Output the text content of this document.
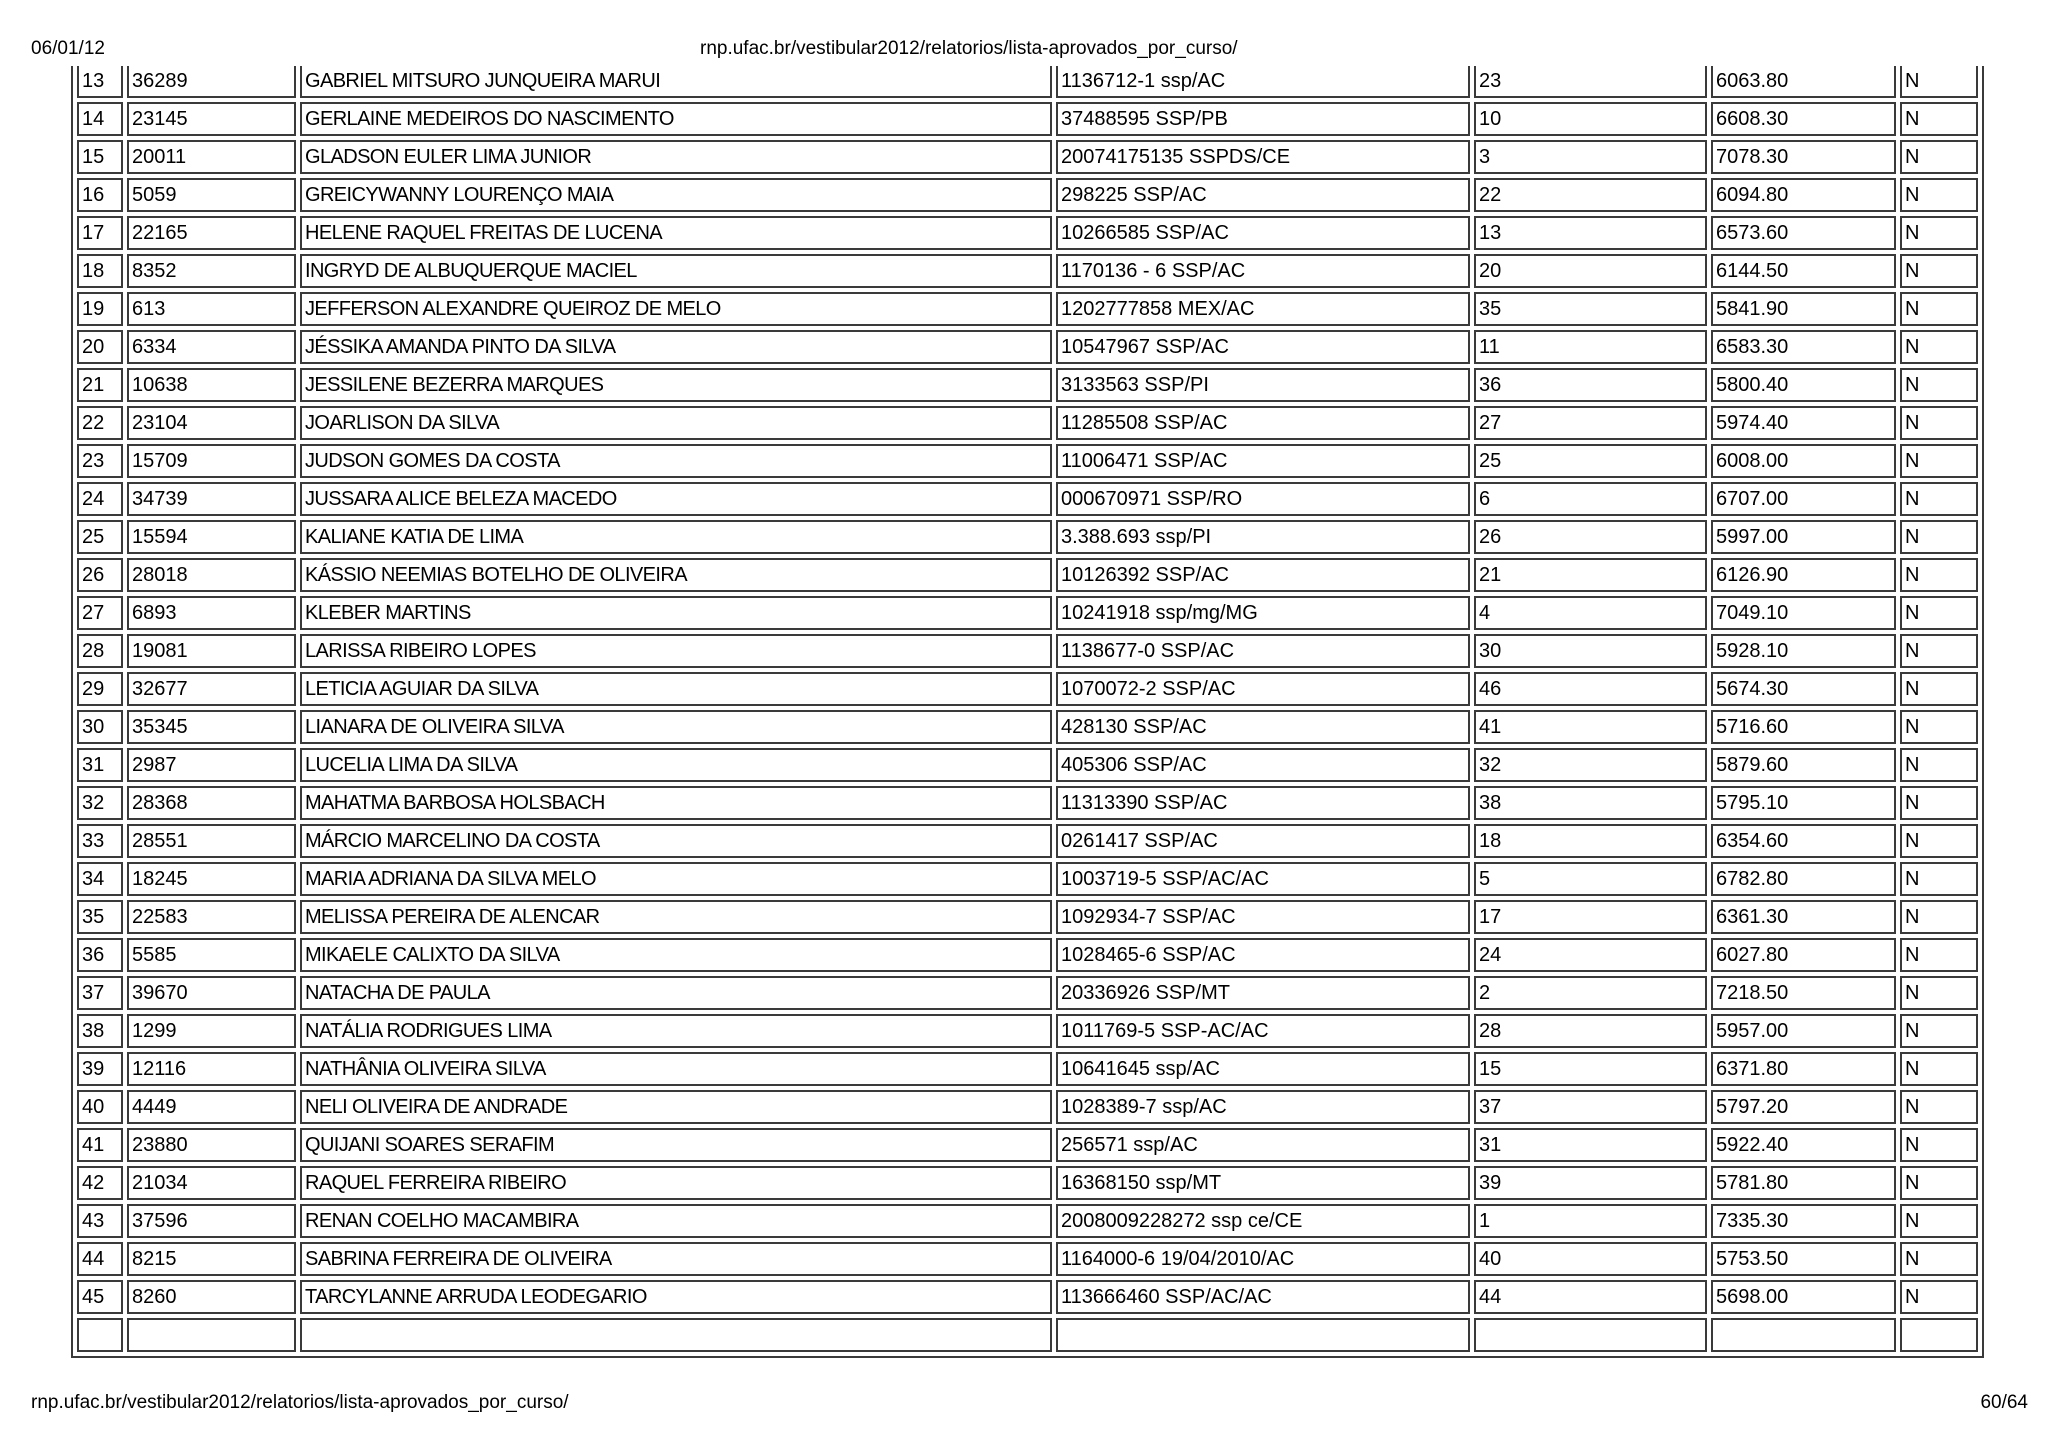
06/01/12	rnp.ufac.br/vestibular2012/relatorios/lista-aprovados_por_curso/
13	36289	GABRIEL MITSURO JUNQUEIRA MARUI	1136712-1 ssp/AC	23	6063.80	N
14	23145	GERLAINE MEDEIROS DO NASCIMENTO	37488595 SSP/PB	10	6608.30	N
15	20011	GLADSON EULER LIMA JUNIOR	20074175135 SSPDS/CE	3	7078.30	N
16	5059	GREICYWANNY LOURENÇO MAIA	298225 SSP/AC	22	6094.80	N
17	22165	HELENE RAQUEL FREITAS DE LUCENA	10266585 SSP/AC	13	6573.60	N
18	8352	INGRYD DE ALBUQUERQUE MACIEL	1170136 - 6 SSP/AC	20	6144.50	N
19	613	JEFFERSON ALEXANDRE QUEIROZ DE MELO	1202777858 MEX/AC	35	5841.90	N
20	6334	JÉSSIKA AMANDA PINTO DA SILVA	10547967 SSP/AC	11	6583.30	N
21	10638	JESSILENE BEZERRA MARQUES	3133563 SSP/PI	36	5800.40	N
22	23104	JOARLISON DA SILVA	11285508 SSP/AC	27	5974.40	N
23	15709	JUDSON GOMES DA COSTA	11006471 SSP/AC	25	6008.00	N
24	34739	JUSSARA ALICE BELEZA MACEDO	000670971 SSP/RO	6	6707.00	N
25	15594	KALIANE KATIA DE LIMA	3.388.693 ssp/PI	26	5997.00	N
26	28018	KÁSSIO NEEMIAS BOTELHO DE OLIVEIRA	10126392 SSP/AC	21	6126.90	N
27	6893	KLEBER MARTINS	10241918 ssp/mg/MG	4	7049.10	N
28	19081	LARISSA RIBEIRO LOPES	1138677-0 SSP/AC	30	5928.10	N
29	32677	LETICIA AGUIAR DA SILVA	1070072-2 SSP/AC	46	5674.30	N
30	35345	LIANARA DE OLIVEIRA SILVA	428130 SSP/AC	41	5716.60	N
31	2987	LUCELIA LIMA DA SILVA	405306 SSP/AC	32	5879.60	N
32	28368	MAHATMA BARBOSA HOLSBACH	11313390 SSP/AC	38	5795.10	N
33	28551	MÁRCIO MARCELINO DA COSTA	0261417 SSP/AC	18	6354.60	N
34	18245	MARIA ADRIANA DA SILVA MELO	1003719-5 SSP/AC/AC	5	6782.80	N
35	22583	MELISSA PEREIRA DE ALENCAR	1092934-7 SSP/AC	17	6361.30	N
36	5585	MIKAELE CALIXTO DA SILVA	1028465-6 SSP/AC	24	6027.80	N
37	39670	NATACHA DE PAULA	20336926 SSP/MT	2	7218.50	N
38	1299	NATÁLIA RODRIGUES LIMA	1011769-5 SSP-AC/AC	28	5957.00	N
39	12116	NATHÂNIA OLIVEIRA SILVA	10641645 ssp/AC	15	6371.80	N
40	4449	NELI OLIVEIRA DE ANDRADE	1028389-7 ssp/AC	37	5797.20	N
41	23880	QUIJANI SOARES SERAFIM	256571 ssp/AC	31	5922.40	N
42	21034	RAQUEL FERREIRA RIBEIRO	16368150 ssp/MT	39	5781.80	N
43	37596	RENAN COELHO MACAMBIRA	2008009228272 ssp ce/CE	1	7335.30	N
44	8215	SABRINA FERREIRA DE OLIVEIRA	1164000-6 19/04/2010/AC	40	5753.50	N
45	8260	TARCYLANNE ARRUDA LEODEGARIO	113666460 SSP/AC/AC	44	5698.00	N

rnp.ufac.br/vestibular2012/relatorios/lista-aprovados_por_curso/	60/64
